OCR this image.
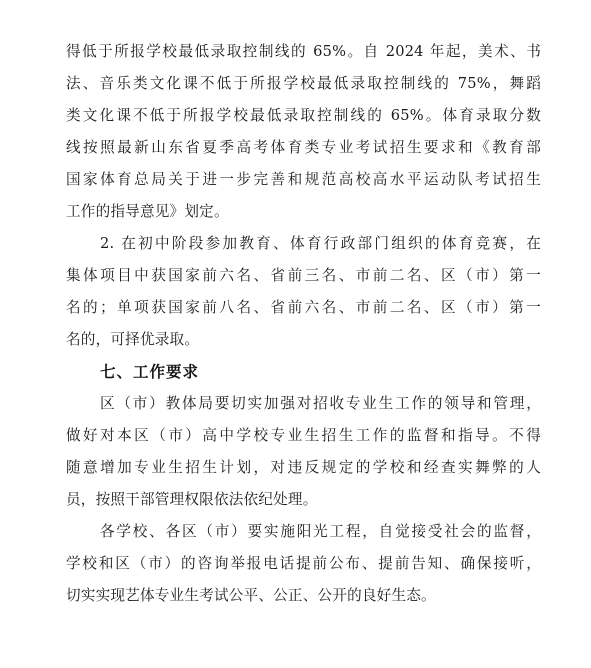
得低于所报学校最低录取控制线的 65%。自 2024 年起，美术、书
法、音乐类文化课不低于所报学校最低录取控制线的 75%，舞蹈
类文化课不低于所报学校最低录取控制线的 65%。体育录取分数
线按照最新山东省夏季高考体育类专业考试招生要求和《教育部
国家体育总局关于进一步完善和规范高校高水平运动队考试招生
工作的指导意见》划定。
2. 在初中阶段参加教育、体育行政部门组织的体育竞赛，在
集体项目中获国家前六名、省前三名、市前二名、区（市）第一
名的；单项获国家前八名、省前六名、市前二名、区（市）第一
名的，可择优录取。
七、工作要求
区（市）教体局要切实加强对招收专业生工作的领导和管理，
做好对本区（市）高中学校专业生招生工作的监督和指导。不得
随意增加专业生招生计划，对违反规定的学校和经查实舞弊的人
员，按照干部管理权限依法依纪处理。
各学校、各区（市）要实施阳光工程，自觉接受社会的监督，
学校和区（市）的咨询举报电话提前公布、提前告知、确保接听，
切实实现艺体专业生考试公平、公正、公开的良好生态。
